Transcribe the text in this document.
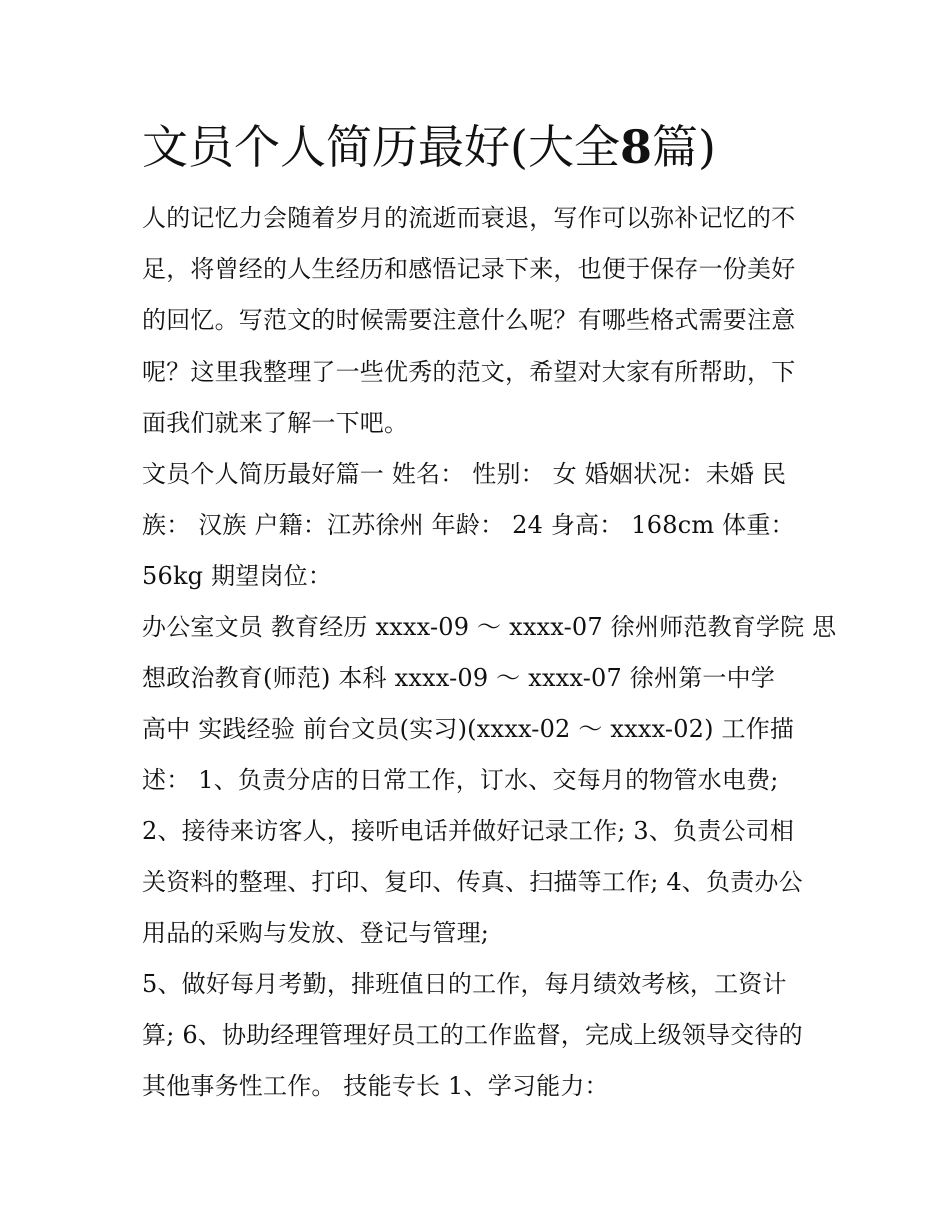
文员个人简历最好(大全8篇)
人的记忆力会随着岁月的流逝而衰退，写作可以弥补记忆的不
足，将曾经的人生经历和感悟记录下来，也便于保存一份美好
的回忆。写范文的时候需要注意什么呢？有哪些格式需要注意
呢？这里我整理了一些优秀的范文，希望对大家有所帮助，下
面我们就来了解一下吧。
文员个人简历最好篇一 姓名： 性别： 女 婚姻状况：未婚 民
族： 汉族 户籍：江苏徐州 年龄： 24 身高： 168cm 体重：
56kg 期望岗位：
办公室文员 教育经历 xxxx-09 ～ xxxx-07 徐州师范教育学院 思
想政治教育(师范) 本科 xxxx-09 ～ xxxx-07 徐州第一中学
高中 实践经验 前台文员(实习)(xxxx-02 ～ xxxx-02) 工作描
述： 1、负责分店的日常工作，订水、交每月的物管水电费;
2、接待来访客人，接听电话并做好记录工作; 3、负责公司相
关资料的整理、打印、复印、传真、扫描等工作; 4、负责办公
用品的采购与发放、登记与管理;
5、做好每月考勤，排班值日的工作，每月绩效考核，工资计
算; 6、协助经理管理好员工的工作监督，完成上级领导交待的
其他事务性工作。 技能专长 1、学习能力：
